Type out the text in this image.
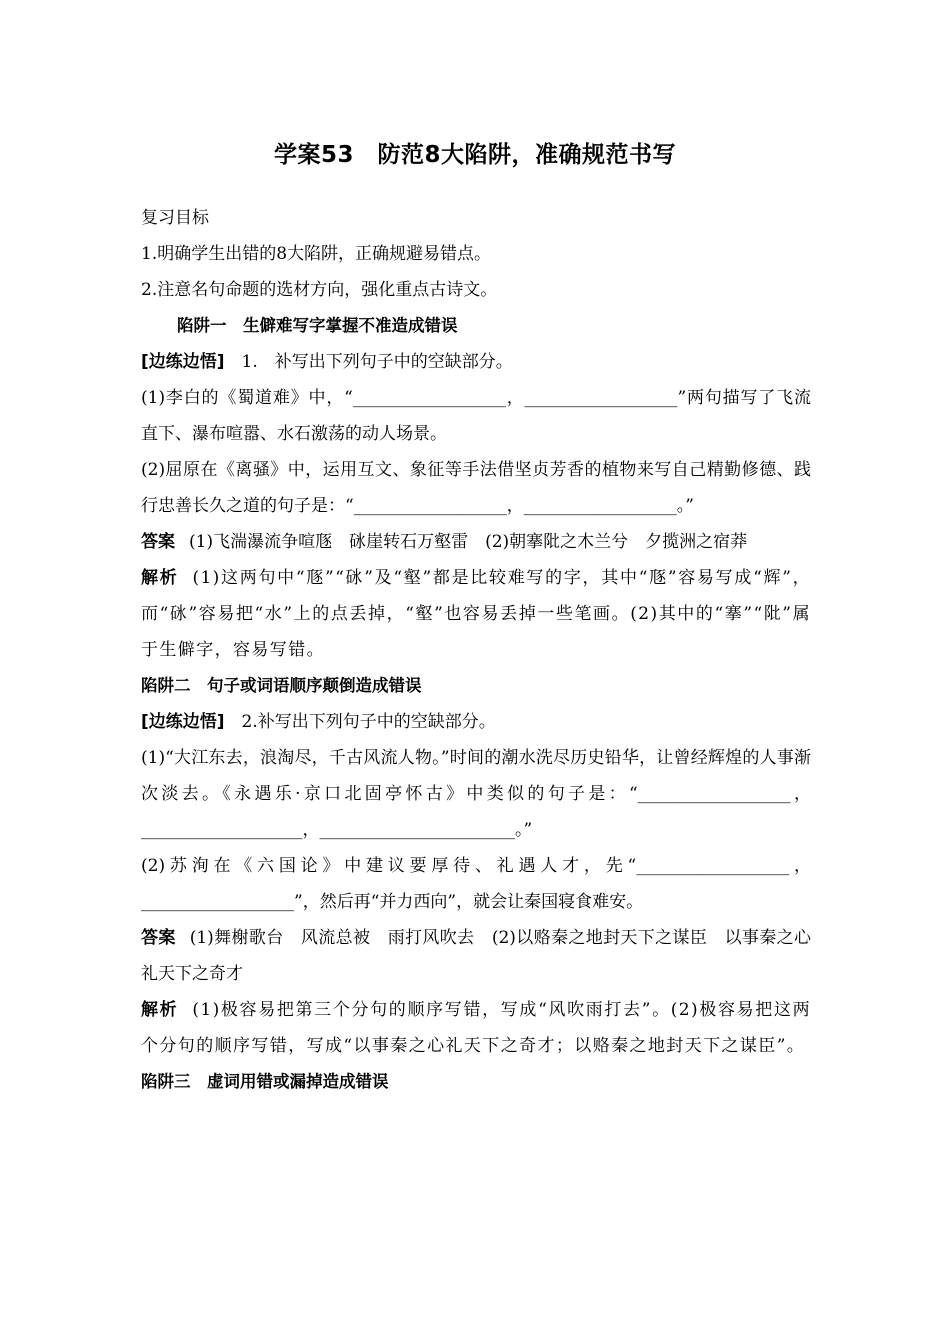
学案53　防范8大陷阱，准确规范书写

复习目标

1.明确学生出错的8大陷阱，正确规避易错点。

2.注意名句命题的选材方向，强化重点古诗文。

陷阱一　生僻难写字掌握不准造成错误

[边练边悟]　1.　补写出下列句子中的空缺部分。

(1)李白的《蜀道难》中，“__________________，__________________”两句描写了飞流直下、瀑布喧嚣、水石激荡的动人场景。

(2)屈原在《离骚》中，运用互文、象征等手法借坚贞芳香的植物来写自己精勤修德、践行忠善长久之道的句子是：“__________________，__________________。”

答案 (1)飞湍瀑流争喧豗　砯崖转石万壑雷　(2)朝搴阰之木兰兮　夕揽洲之宿莽

解析 (1)这两句中“豗”“砯”及“壑”都是比较难写的字，其中“豗”容易写成“辉”，而“砯”容易把“水”上的点丢掉，“壑”也容易丢掉一些笔画。(2)其中的“搴”“阰”属于生僻字，容易写错。

陷阱二　句子或词语顺序颠倒造成错误

[边练边悟]　2.补写出下列句子中的空缺部分。

(1)“大江东去，浪淘尽，千古风流人物。”时间的潮水洗尽历史铅华，让曾经辉煌的人事渐次淡去。《永遇乐·京口北固亭怀古》中类似的句子是：“__________________，___________________，_______________________。”

(2)苏洵在《六国论》中建议要厚待、礼遇人才，先“__________________，__________________”，然后再“并力西向”，就会让秦国寝食难安。

答案 (1)舞榭歌台　风流总被　雨打风吹去　(2)以赂秦之地封天下之谋臣　以事秦之心礼天下之奇才

解析 (1)极容易把第三个分句的顺序写错，写成“风吹雨打去”。(2)极容易把这两个分句的顺序写错，写成“以事秦之心礼天下之奇才；以赂秦之地封天下之谋臣”。

陷阱三　虚词用错或漏掉造成错误
